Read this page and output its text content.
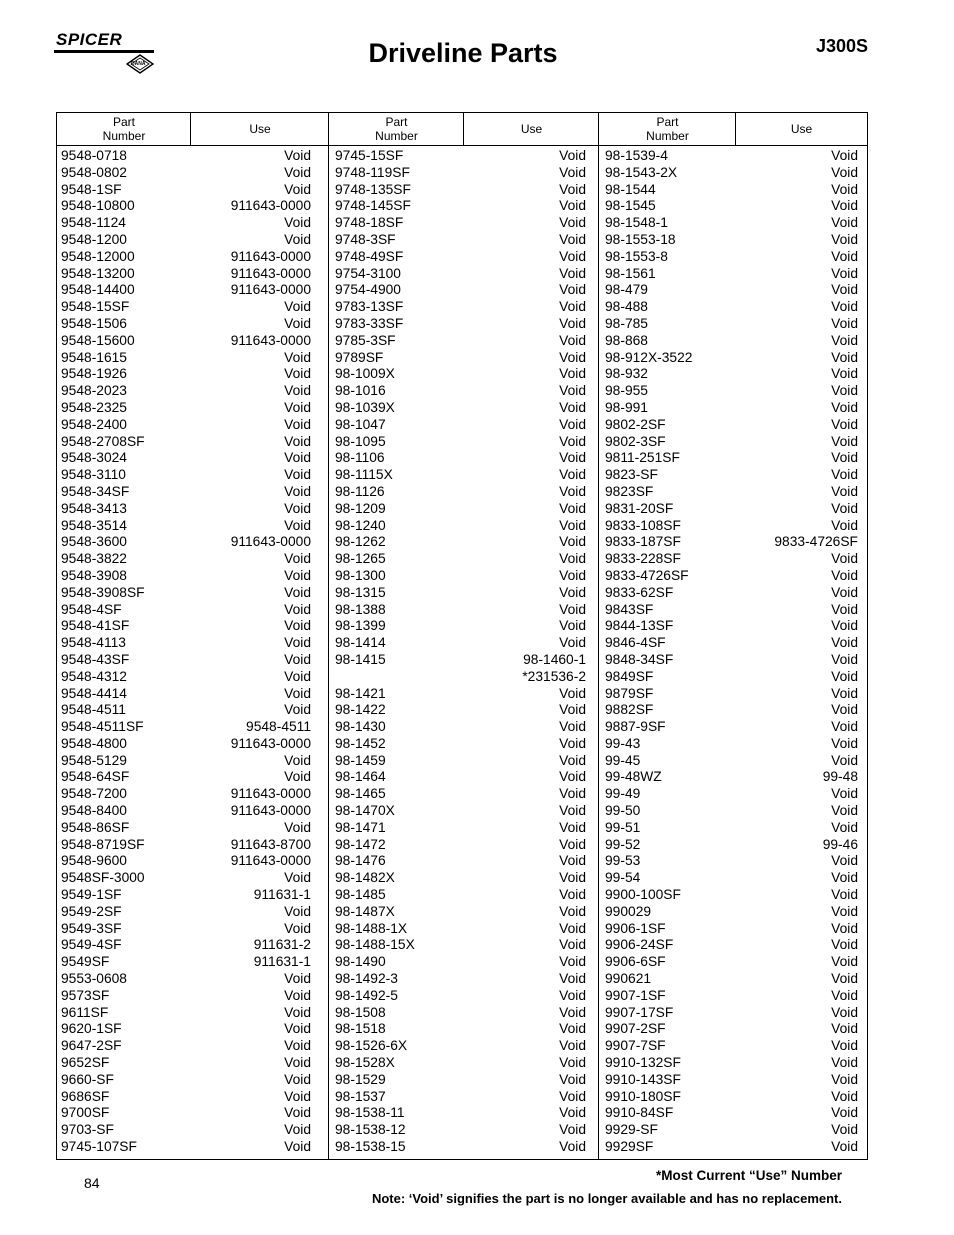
SPICER
DANA	Driveline Parts	J300S
Part
Number	Use	Part
Number	Use	Part
Number	Use
9548-0718	Void
9548-0802	Void
9548-1SF	Void
9548-10800	911643-0000
9548-1124	Void
9548-1200	Void
9548-12000	911643-0000
9548-13200	911643-0000
9548-14400	911643-0000
9548-15SF	Void
9548-1506	Void
9548-15600	911643-0000
9548-1615	Void
9548-1926	Void
9548-2023	Void
9548-2325	Void
9548-2400	Void
9548-2708SF	Void
9548-3024	Void
9548-3110	Void
9548-34SF	Void
9548-3413	Void
9548-3514	Void
9548-3600	911643-0000
9548-3822	Void
9548-3908	Void
9548-3908SF	Void
9548-4SF	Void
9548-41SF	Void
9548-4113	Void
9548-43SF	Void
9548-4312	Void
9548-4414	Void
9548-4511	Void
9548-4511SF	9548-4511
9548-4800	911643-0000
9548-5129	Void
9548-64SF	Void
9548-7200	911643-0000
9548-8400	911643-0000
9548-86SF	Void
9548-8719SF	911643-8700
9548-9600	911643-0000
9548SF-3000	Void
9549-1SF	911631-1
9549-2SF	Void
9549-3SF	Void
9549-4SF	911631-2
9549SF	911631-1
9553-0608	Void
9573SF	Void
9611SF	Void
9620-1SF	Void
9647-2SF	Void
9652SF	Void
9660-SF	Void
9686SF	Void
9700SF	Void
9703-SF	Void
9745-107SF	Void
9745-15SF	Void
9748-119SF	Void
9748-135SF	Void
9748-145SF	Void
9748-18SF	Void
9748-3SF	Void
9748-49SF	Void
9754-3100	Void
9754-4900	Void
9783-13SF	Void
9783-33SF	Void
9785-3SF	Void
9789SF	Void
98-1009X	Void
98-1016	Void
98-1039X	Void
98-1047	Void
98-1095	Void
98-1106	Void
98-1115X	Void
98-1126	Void
98-1209	Void
98-1240	Void
98-1262	Void
98-1265	Void
98-1300	Void
98-1315	Void
98-1388	Void
98-1399	Void
98-1414	Void
98-1415	98-1460-1
*231536-2
98-1421	Void
98-1422	Void
98-1430	Void
98-1452	Void
98-1459	Void
98-1464	Void
98-1465	Void
98-1470X	Void
98-1471	Void
98-1472	Void
98-1476	Void
98-1482X	Void
98-1485	Void
98-1487X	Void
98-1488-1X	Void
98-1488-15X	Void
98-1490	Void
98-1492-3	Void
98-1492-5	Void
98-1508	Void
98-1518	Void
98-1526-6X	Void
98-1528X	Void
98-1529	Void
98-1537	Void
98-1538-11	Void
98-1538-12	Void
98-1538-15	Void
98-1539-4	Void
98-1543-2X	Void
98-1544	Void
98-1545	Void
98-1548-1	Void
98-1553-18	Void
98-1553-8	Void
98-1561	Void
98-479	Void
98-488	Void
98-785	Void
98-868	Void
98-912X-3522	Void
98-932	Void
98-955	Void
98-991	Void
9802-2SF	Void
9802-3SF	Void
9811-251SF	Void
9823-SF	Void
9823SF	Void
9831-20SF	Void
9833-108SF	Void
9833-187SF	9833-4726SF
9833-228SF	Void
9833-4726SF	Void
9833-62SF	Void
9843SF	Void
9844-13SF	Void
9846-4SF	Void
9848-34SF	Void
9849SF	Void
9879SF	Void
9882SF	Void
9887-9SF	Void
99-43	Void
99-45	Void
99-48WZ	99-48
99-49	Void
99-50	Void
99-51	Void
99-52	99-46
99-53	Void
99-54	Void
9900-100SF	Void
990029	Void
9906-1SF	Void
9906-24SF	Void
9906-6SF	Void
990621	Void
9907-1SF	Void
9907-17SF	Void
9907-2SF	Void
9907-7SF	Void
9910-132SF	Void
9910-143SF	Void
9910-180SF	Void
9910-84SF	Void
9929-SF	Void
9929SF	Void
84	*Most Current “Use” Number
Note: ‘Void’ signifies the part is no longer available and has no replacement.
